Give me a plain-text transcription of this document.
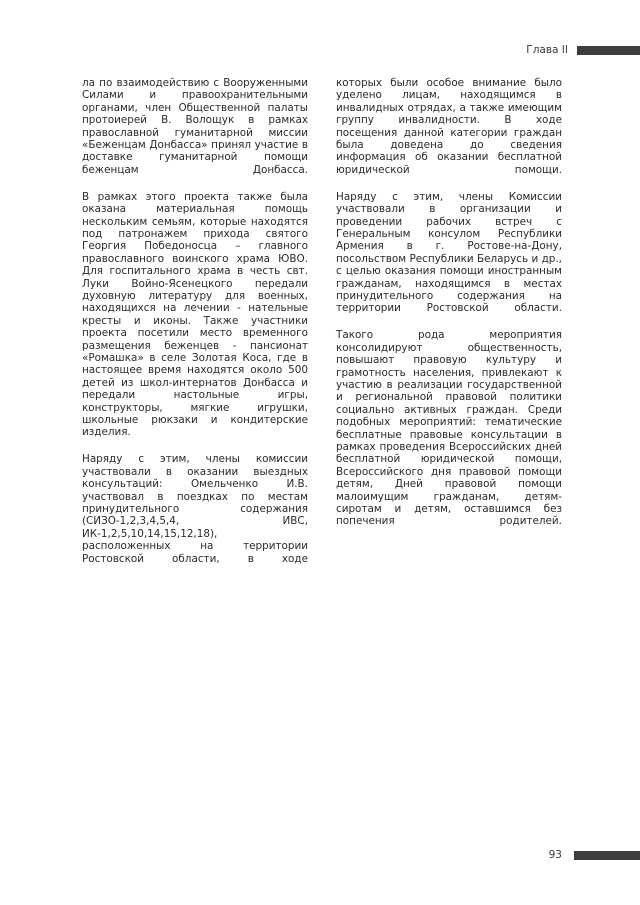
Глава II

ла по взаимодействию с Вооруженными Силами и правоохранительными органами, член Общественной палаты протоиерей В. Волощук в рамках православной гуманитарной миссии «Беженцам Донбасса» принял участие в доставке гуманитарной помощи беженцам Донбасса.

В рамках этого проекта также была оказана материальная помощь нескольким семьям, которые находятся под патронажем прихода святого Георгия Победоносца – главного православного воинского храма ЮВО. Для госпитального храма в честь свт. Луки Войно-Ясенецкого передали духовную литературу для военных, находящихся на лечении - нательные кресты и иконы. Также участники проекта посетили место временного размещения беженцев - пансионат «Ромашка» в селе Золотая Коса, где в настоящее время находятся около 500 детей из школ-интернатов Донбасса и передали настольные игры, конструкторы, мягкие игрушки, школьные рюкзаки и кондитерские изделия.

Наряду с этим, члены комиссии участвовали в оказании выездных консультаций: Омельченко И.В. участвовал в поездках по местам принудительного содержания (СИЗО-1,2,3,4,5,4, ИВС, ИК-1,2,5,10,14,15,12,18), расположенных на территории Ростовской области, в ходе

которых были особое внимание было уделено лицам, находящимся в инвалидных отрядах, а также имеющим группу инвалидности. В ходе посещения данной категории граждан была доведена до сведения информация об оказании бесплатной юридической помощи.

Наряду с этим, члены Комиссии участвовали в организации и проведении рабочих встреч с Генеральным консулом Республики Армения в г. Ростове-на-Дону, посольством Республики Беларусь и др., с целью оказания помощи иностранным гражданам, находящимся в местах принудительного содержания на территории Ростовской области.

Такого рода мероприятия консолидируют общественность, повышают правовую культуру и грамотность населения, привлекают к участию в реализации государственной и региональной правовой политики социально активных граждан. Среди подобных мероприятий: тематические бесплатные правовые консультации в рамках проведения Всероссийских дней бесплатной юридической помощи, Всероссийского дня правовой помощи детям, Дней правовой помощи малоимущим гражданам, детям-сиротам и детям, оставшимся без попечения родителей.

93
